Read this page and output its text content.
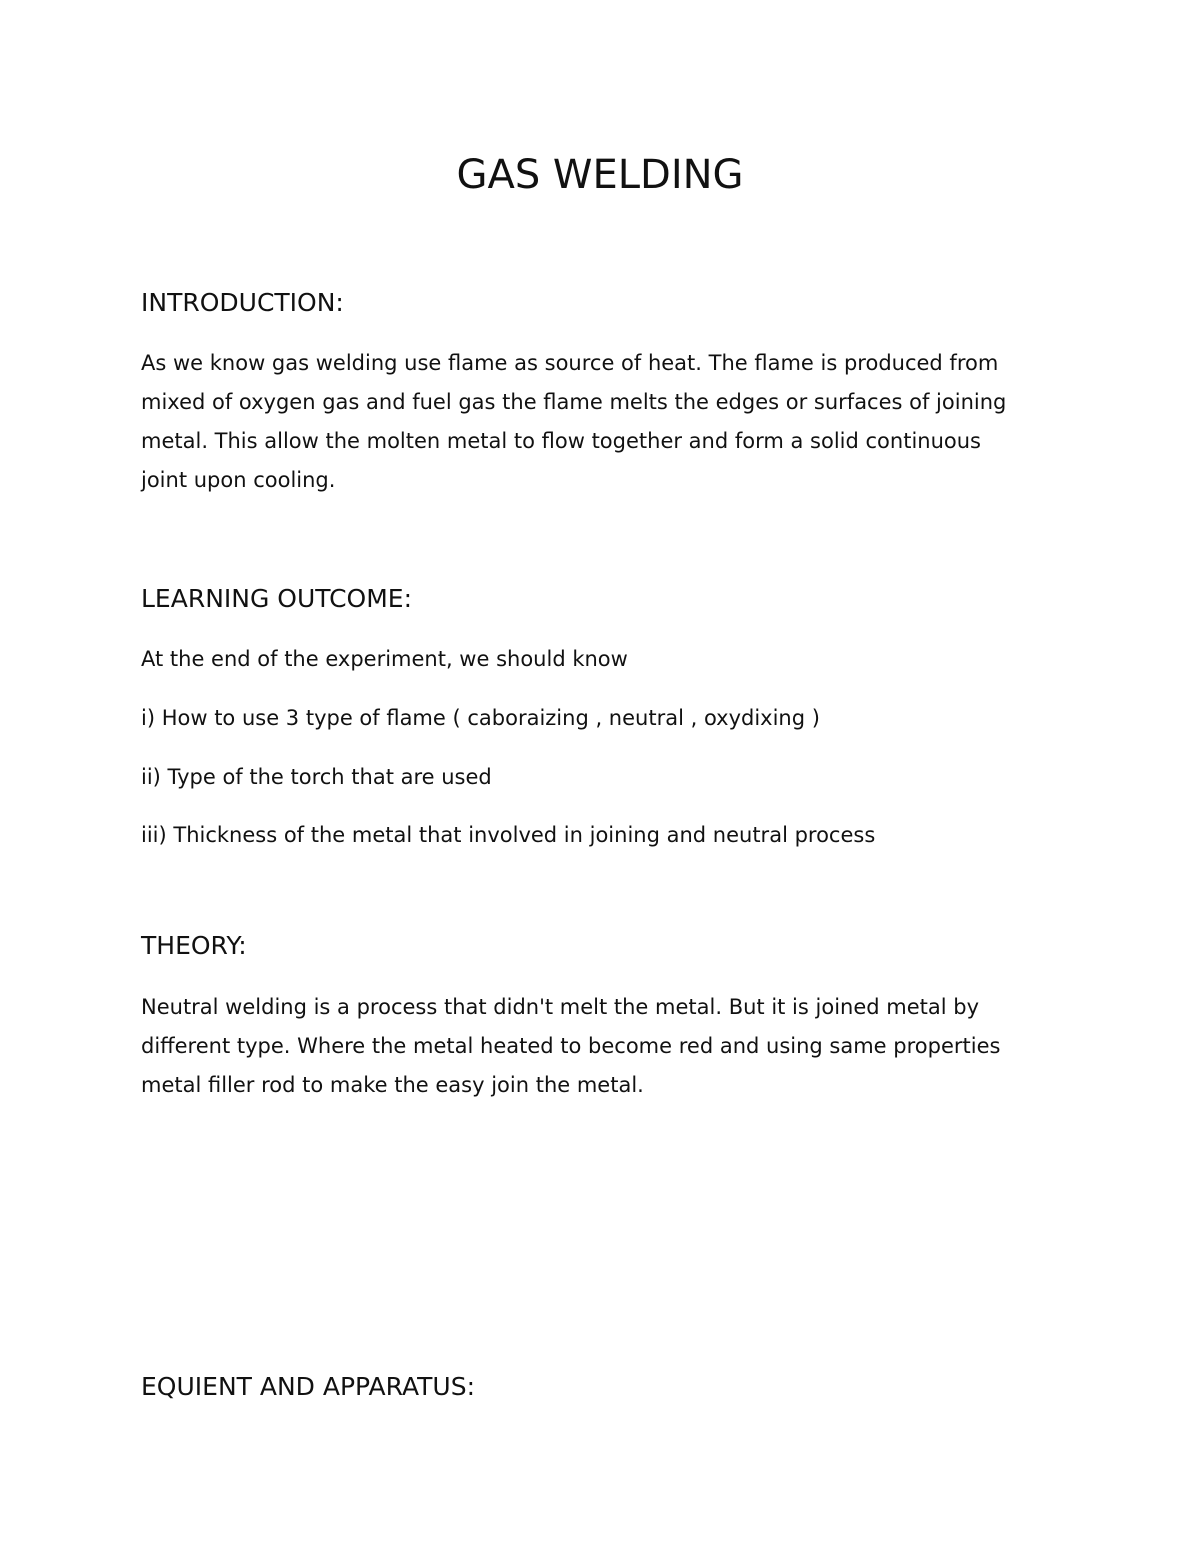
GAS WELDING
INTRODUCTION:

As we know gas welding use flame as source of heat. The flame is produced from
mixed of oxygen gas and fuel gas the flame melts the edges or surfaces of joining
metal. This allow the molten metal to flow together and form a solid continuous
joint upon cooling.

LEARNING OUTCOME:

At the end of the experiment, we should know

i) How to use 3 type of flame ( caboraizing , neutral , oxydixing )

ii) Type of the torch that are used

iii) Thickness of the metal that involved in joining and neutral process

THEORY:

Neutral welding is a process that didn't melt the metal. But it is joined metal by
different type. Where the metal heated to become red and using same properties
metal filler rod to make the easy join the metal.

EQUIENT AND APPARATUS:
